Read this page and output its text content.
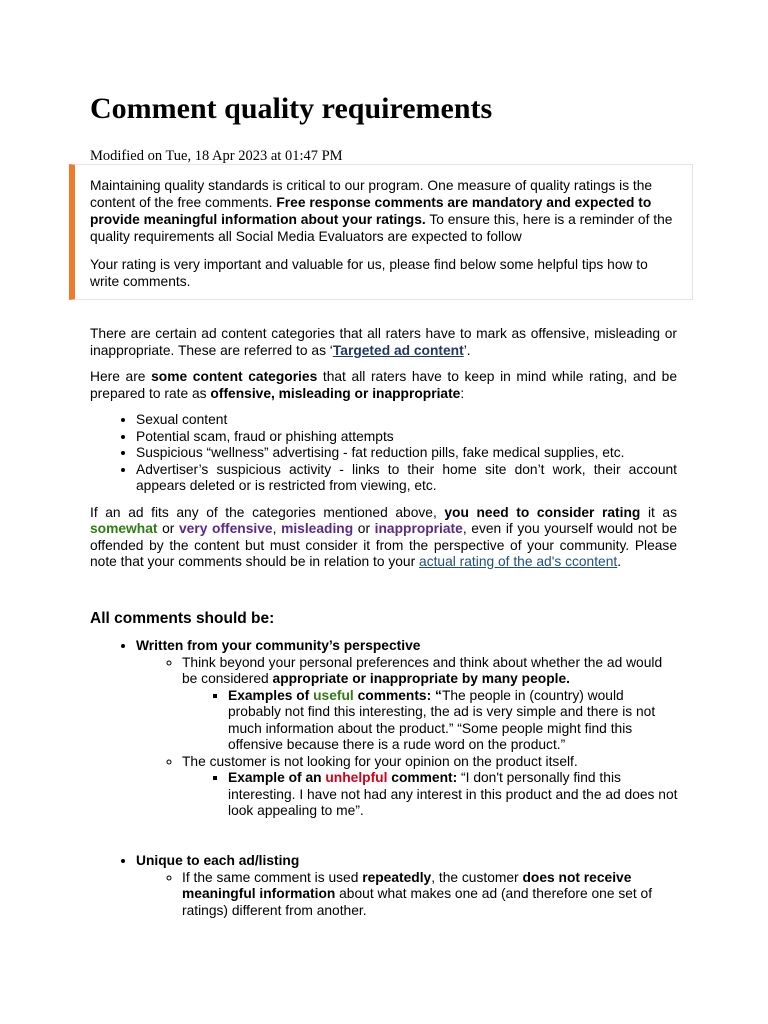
Comment quality requirements

Modified on Tue, 18 Apr 2023 at 01:47 PM

Maintaining quality standards is critical to our program. One measure of quality ratings is the content of the free comments. Free response comments are mandatory and expected to provide meaningful information about your ratings. To ensure this, here is a reminder of the quality requirements all Social Media Evaluators are expected to follow

Your rating is very important and valuable for us, please find below some helpful tips how to write comments.

There are certain ad content categories that all raters have to mark as offensive, misleading or inappropriate. These are referred to as ‘Targeted ad content’.

Here are some content categories that all raters have to keep in mind while rating, and be prepared to rate as offensive, misleading or inappropriate:

• Sexual content
• Potential scam, fraud or phishing attempts
• Suspicious “wellness” advertising - fat reduction pills, fake medical supplies, etc.
• Advertiser’s suspicious activity - links to their home site don’t work, their account appears deleted or is restricted from viewing, etc.

If an ad fits any of the categories mentioned above, you need to consider rating it as somewhat or very offensive, misleading or inappropriate, even if you yourself would not be offended by the content but must consider it from the perspective of your community. Please note that your comments should be in relation to your actual rating of the ad's ccontent.

All comments should be:
• Written from your community’s perspective
◦ Think beyond your personal preferences and think about whether the ad would be considered appropriate or inappropriate by many people.
▪ Examples of useful comments: “The people in (country) would probably not find this interesting, the ad is very simple and there is not much information about the product.” “Some people might find this offensive because there is a rude word on the product.”
◦ The customer is not looking for your opinion on the product itself.
▪ Example of an unhelpful comment: “I don't personally find this interesting. I have not had any interest in this product and the ad does not look appealing to me”.
• Unique to each ad/listing
◦ If the same comment is used repeatedly, the customer does not receive meaningful information about what makes one ad (and therefore one set of ratings) different from another.
